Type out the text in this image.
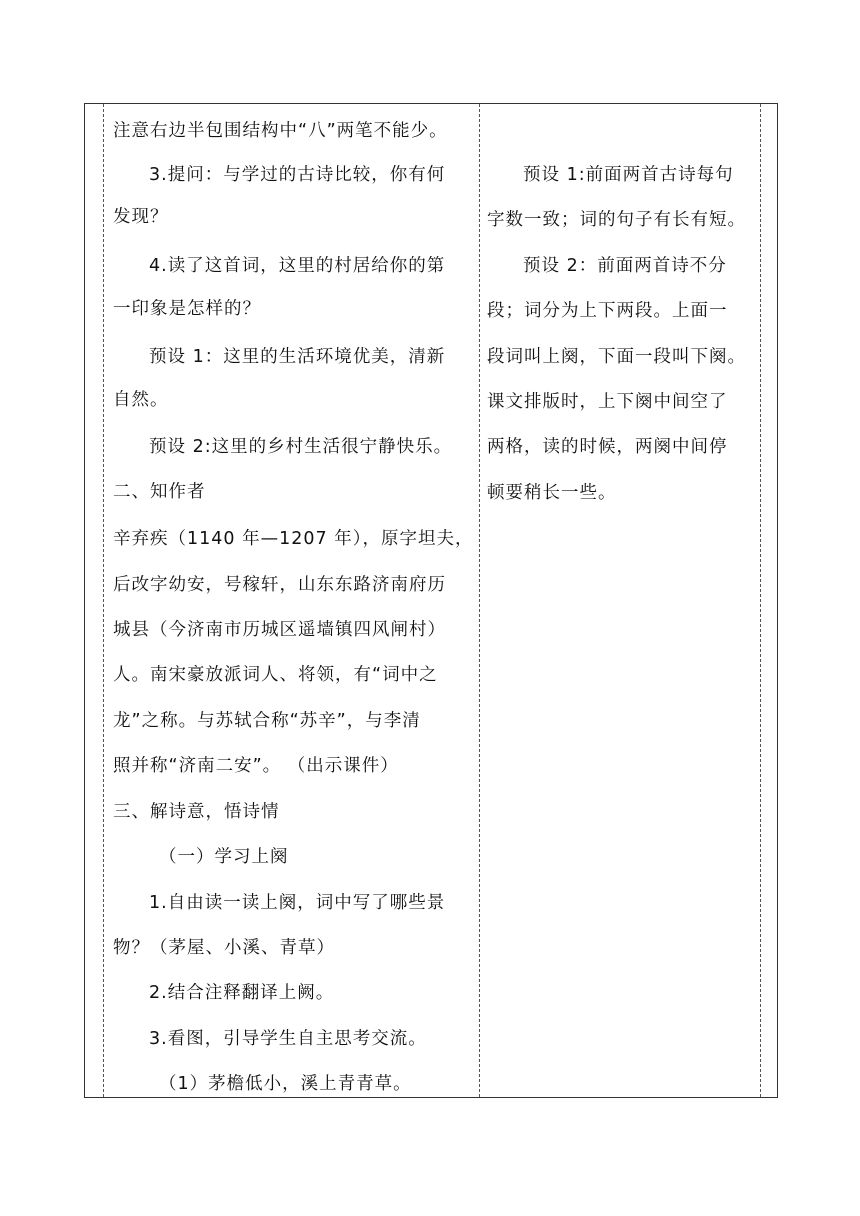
注意右边半包围结构中“八”两笔不能少。
3.提问：与学过的古诗比较，你有何
发现？
4.读了这首词，这里的村居给你的第
一印象是怎样的？
预设 1：这里的生活环境优美，清新
自然。
预设 2:这里的乡村生活很宁静快乐。
二、知作者
辛弃疾（1140 年—1207 年），原字坦夫，
后改字幼安，号稼轩，山东东路济南府历
城县（今济南市历城区遥墙镇四风闸村）
人。南宋豪放派词人、将领，有“词中之
龙”之称。与苏轼合称“苏辛”，与李清
照并称“济南二安”。 （出示课件）
三、解诗意，悟诗情
（一）学习上阕
1.自由读一读上阕，词中写了哪些景
物？（茅屋、小溪、青草）
2.结合注释翻译上阙。
3.看图，引导学生自主思考交流。
（1）茅檐低小，溪上青青草。
预设 1:前面两首古诗每句
字数一致；词的句子有长有短。
预设 2：前面两首诗不分
段；词分为上下两段。上面一
段词叫上阕，下面一段叫下阕。
课文排版时，上下阕中间空了
两格，读的时候，两阕中间停
顿要稍长一些。
